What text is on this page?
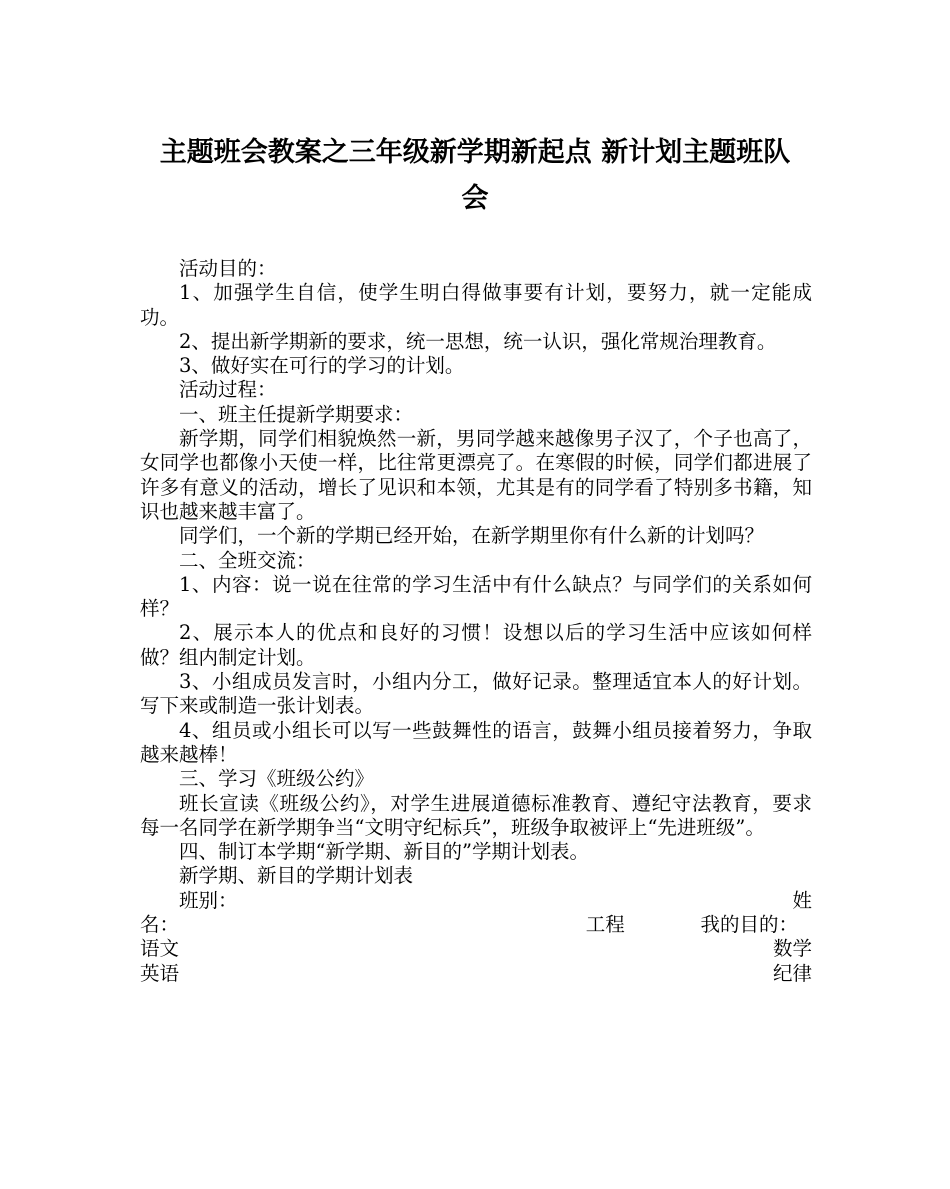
主题班会教案之三年级新学期新起点 新计划主题班队
会

活动目的：

1、加强学生自信，使学生明白得做事要有计划，要努力，就一定能成功。

2、提出新学期新的要求，统一思想，统一认识，强化常规治理教育。

3、做好实在可行的学习的计划。

活动过程：

一、班主任提新学期要求：

新学期，同学们相貌焕然一新，男同学越来越像男子汉了，个子也高了，女同学也都像小天使一样，比往常更漂亮了。在寒假的时候，同学们都进展了许多有意义的活动，增长了见识和本领，尤其是有的同学看了特别多书籍，知识也越来越丰富了。

同学们，一个新的学期已经开始，在新学期里你有什么新的计划吗？

二、全班交流：

1、内容：说一说在往常的学习生活中有什么缺点？与同学们的关系如何样？

2、展示本人的优点和良好的习惯！设想以后的学习生活中应该如何样做？组内制定计划。

3、小组成员发言时，小组内分工，做好记录。整理适宜本人的好计划。写下来或制造一张计划表。

4、组员或小组长可以写一些鼓舞性的语言，鼓舞小组员接着努力，争取越来越棒！

三、学习《班级公约》

班长宣读《班级公约》，对学生进展道德标准教育、遵纪守法教育，要求每一名同学在新学期争当“文明守纪标兵”，班级争取被评上“先进班级”。

四、制订本学期“新学期、新目的”学期计划表。

新学期、新目的学期计划表

班别：	姓
名：	工程	我的目的：
语文	数学
英语	纪律
